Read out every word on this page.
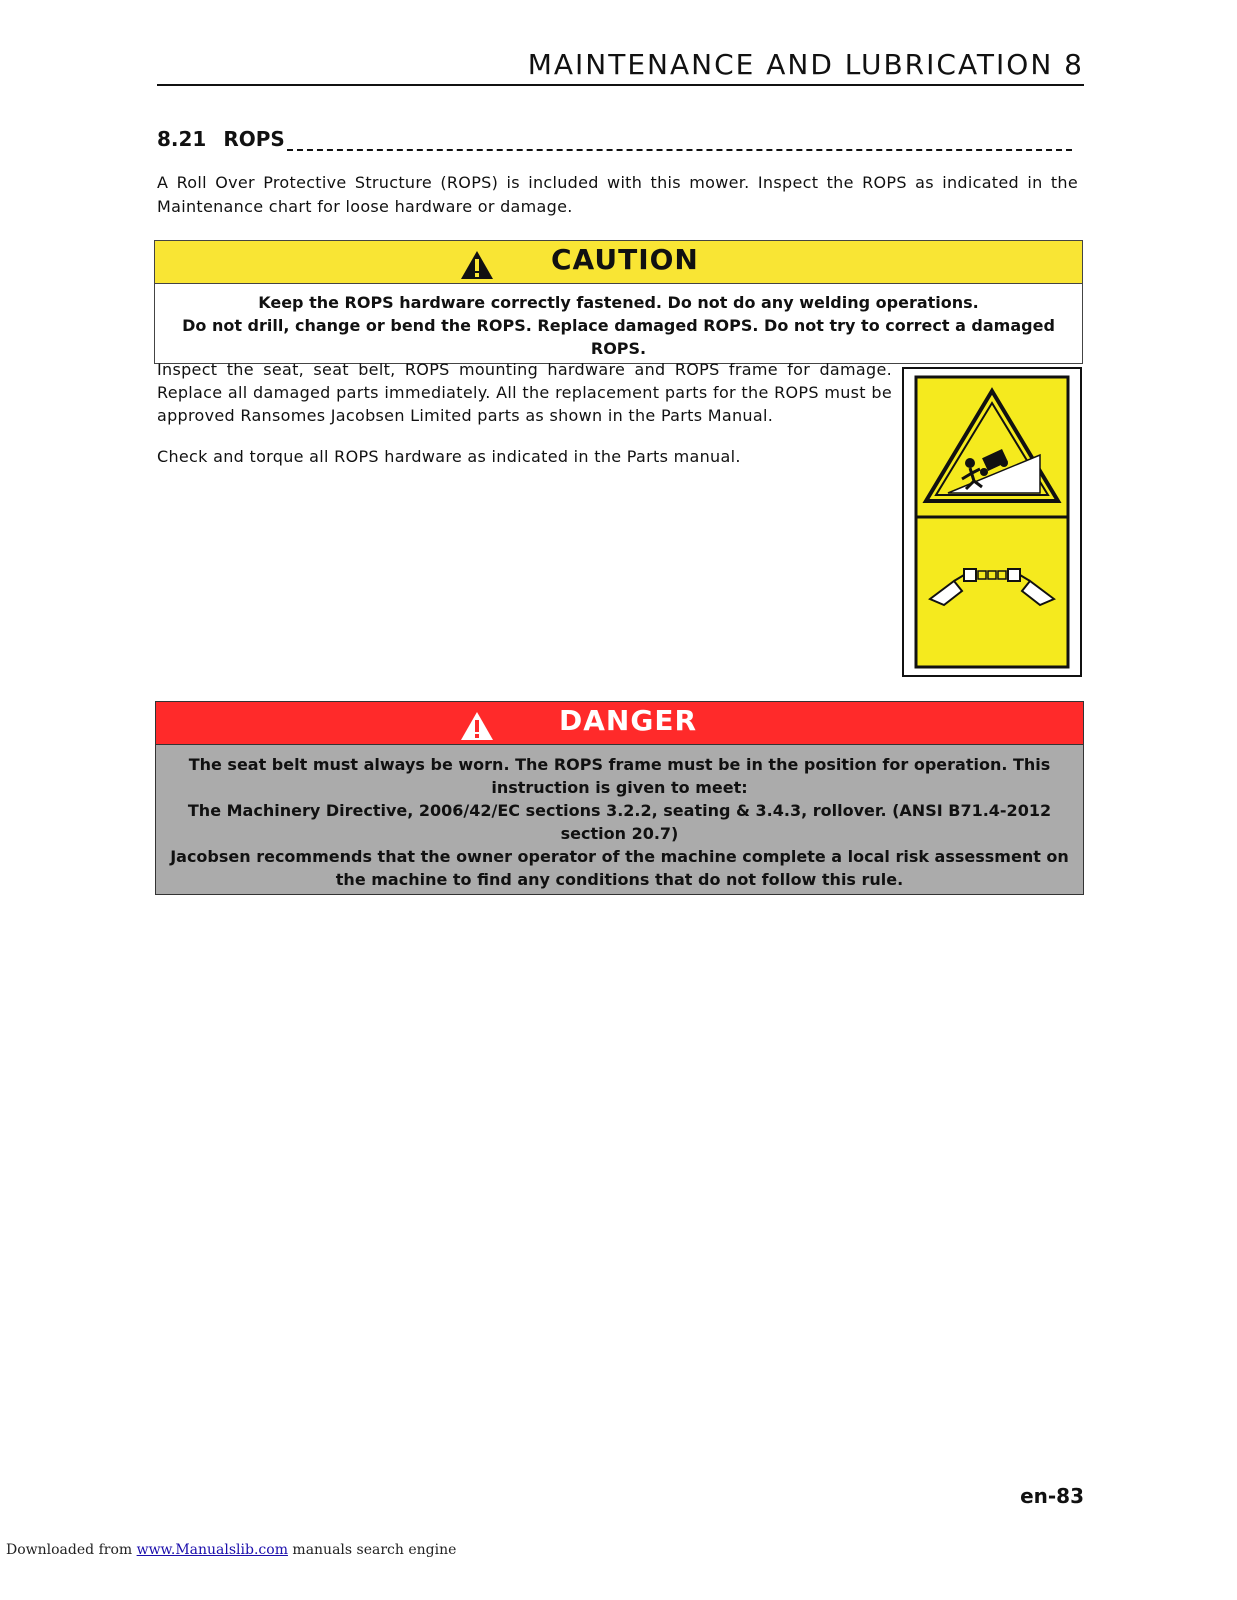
MAINTENANCE AND LUBRICATION 8
8.21 ROPS
A Roll Over Protective Structure (ROPS) is included with this mower. Inspect the ROPS as indicated in the Maintenance chart for loose hardware or damage.
CAUTION
Keep the ROPS hardware correctly fastened. Do not do any welding operations.
Do not drill, change or bend the ROPS. Replace damaged ROPS. Do not try to correct a damaged ROPS.
Inspect the seat, seat belt, ROPS mounting hardware and ROPS frame for damage. Replace all damaged parts immediately. All the replacement parts for the ROPS must be approved Ransomes Jacobsen Limited parts as shown in the Parts Manual.
Check and torque all ROPS hardware as indicated in the Parts manual.
DANGER
The seat belt must always be worn. The ROPS frame must be in the position for operation. This instruction is given to meet:
The Machinery Directive, 2006/42/EC sections 3.2.2, seating & 3.4.3, rollover. (ANSI B71.4-2012 section 20.7)
Jacobsen recommends that the owner operator of the machine complete a local risk assessment on the machine to find any conditions that do not follow this rule.
en-83
Downloaded from www.Manualslib.com manuals search engine
